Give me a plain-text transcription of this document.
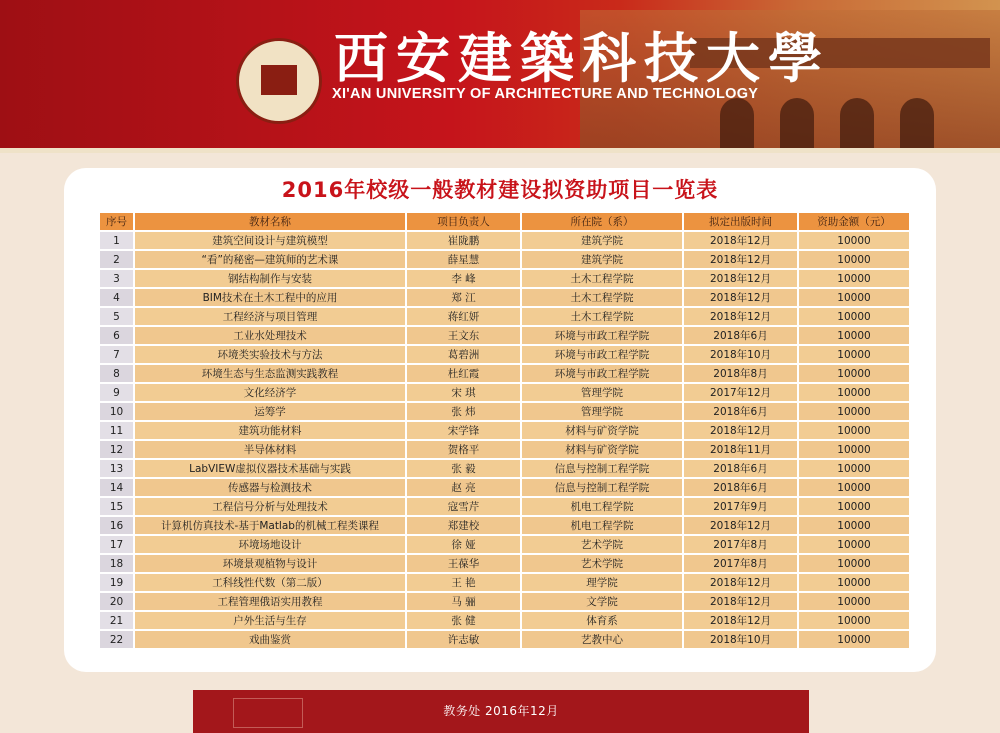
西安建築科技大學
XI'AN UNIVERSITY OF ARCHITECTURE AND TECHNOLOGY
2016年校级一般教材建设拟资助项目一览表
序号	教材名称	项目负责人	所在院（系）	拟定出版时间	资助金额（元）
1	建筑空间设计与建筑模型	崔陇鹏	建筑学院	2018年12月	10000
2	“看”的秘密—建筑师的艺术课	薛星慧	建筑学院	2018年12月	10000
3	钢结构制作与安装	李 峰	土木工程学院	2018年12月	10000
4	BIM技术在土木工程中的应用	郑 江	土木工程学院	2018年12月	10000
5	工程经济与项目管理	蒋红妍	土木工程学院	2018年12月	10000
6	工业水处理技术	王文东	环境与市政工程学院	2018年6月	10000
7	环境类实验技术与方法	葛碧洲	环境与市政工程学院	2018年10月	10000
8	环境生态与生态监测实践教程	杜红霞	环境与市政工程学院	2018年8月	10000
9	文化经济学	宋 琪	管理学院	2017年12月	10000
10	运筹学	张 炜	管理学院	2018年6月	10000
11	建筑功能材料	宋学锋	材料与矿资学院	2018年12月	10000
12	半导体材料	贺格平	材料与矿资学院	2018年11月	10000
13	LabVIEW虚拟仪器技术基础与实践	张 毅	信息与控制工程学院	2018年6月	10000
14	传感器与检测技术	赵 亮	信息与控制工程学院	2018年6月	10000
15	工程信号分析与处理技术	寇雪芹	机电工程学院	2017年9月	10000
16	计算机仿真技术-基于Matlab的机械工程类课程	郑建校	机电工程学院	2018年12月	10000
17	环境场地设计	徐 娅	艺术学院	2017年8月	10000
18	环境景观植物与设计	王葆华	艺术学院	2017年8月	10000
19	工科线性代数（第二版）	王 艳	理学院	2018年12月	10000
20	工程管理俄语实用教程	马 骊	文学院	2018年12月	10000
21	户外生活与生存	张 健	体育系	2018年12月	10000
22	戏曲鉴赏	许志敏	艺教中心	2018年10月	10000
教务处 2016年12月
